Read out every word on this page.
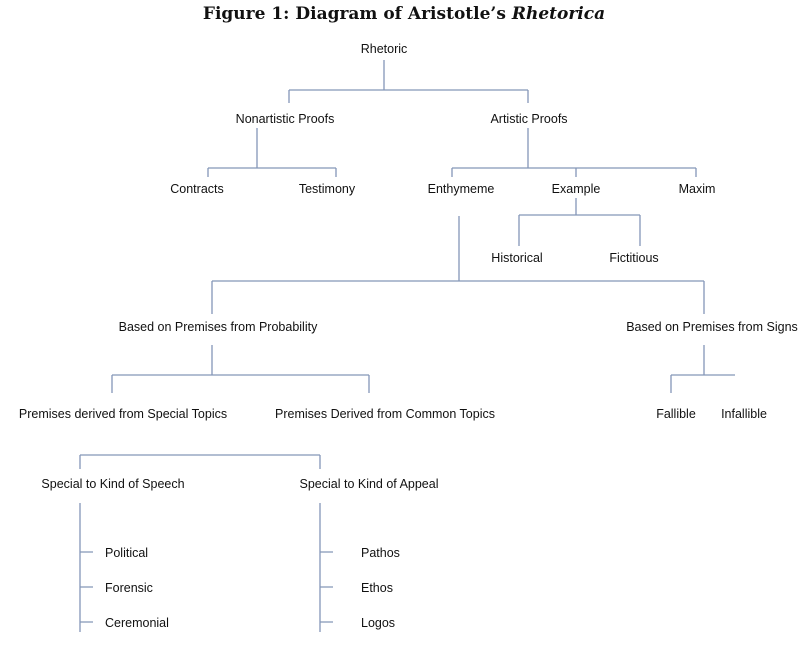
Figure 1: Diagram of Aristotle’s Rhetorica
Rhetoric
Nonartistic Proofs	Artistic Proofs
Contracts	Testimony	Enthymeme	Example	Maxim
Historical	Fictitious
Based on Premises from Probability	Based on Premises from Signs
Premises derived from Special Topics	Premises Derived from Common Topics	Fallible Infallible
Special to Kind of Speech	Special to Kind of Appeal
Political
Forensic
Ceremonial
Pathos
Ethos
Logos
